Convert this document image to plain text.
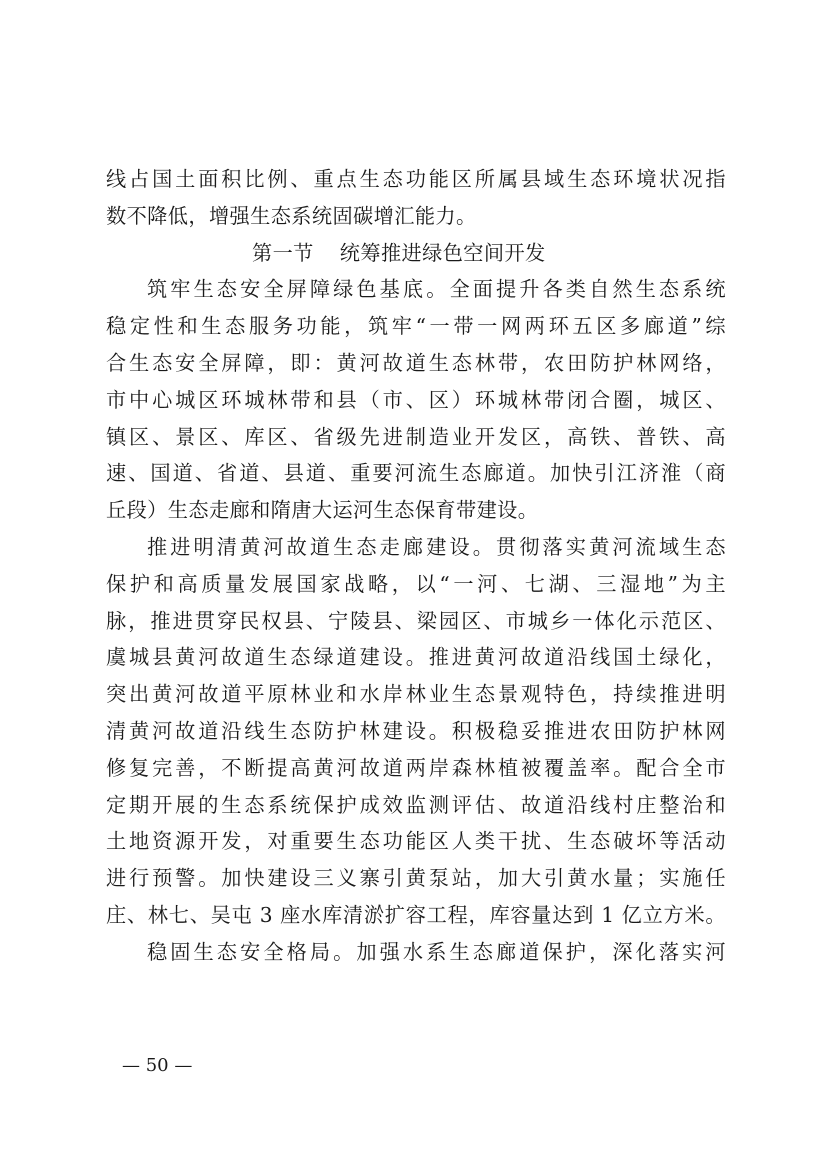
线占国土面积比例、重点生态功能区所属县域生态环境状况指
数不降低，增强生态系统固碳增汇能力。
第一节 统筹推进绿色空间开发
筑牢生态安全屏障绿色基底。全面提升各类自然生态系统
稳定性和生态服务功能，筑牢“一带一网两环五区多廊道”综
合生态安全屏障，即：黄河故道生态林带，农田防护林网络，
市中心城区环城林带和县（市、区）环城林带闭合圈，城区、
镇区、景区、库区、省级先进制造业开发区，高铁、普铁、高
速、国道、省道、县道、重要河流生态廊道。加快引江济淮（商
丘段）生态走廊和隋唐大运河生态保育带建设。
推进明清黄河故道生态走廊建设。贯彻落实黄河流域生态
保护和高质量发展国家战略，以“一河、七湖、三湿地”为主
脉，推进贯穿民权县、宁陵县、梁园区、市城乡一体化示范区、
虞城县黄河故道生态绿道建设。推进黄河故道沿线国土绿化，
突出黄河故道平原林业和水岸林业生态景观特色，持续推进明
清黄河故道沿线生态防护林建设。积极稳妥推进农田防护林网
修复完善，不断提高黄河故道两岸森林植被覆盖率。配合全市
定期开展的生态系统保护成效监测评估、故道沿线村庄整治和
土地资源开发，对重要生态功能区人类干扰、生态破坏等活动
进行预警。加快建设三义寨引黄泵站，加大引黄水量；实施任
庄、林七、吴屯 3 座水库清淤扩容工程，库容量达到 1 亿立方米。
稳固生态安全格局。加强水系生态廊道保护，深化落实河
— 50 —
